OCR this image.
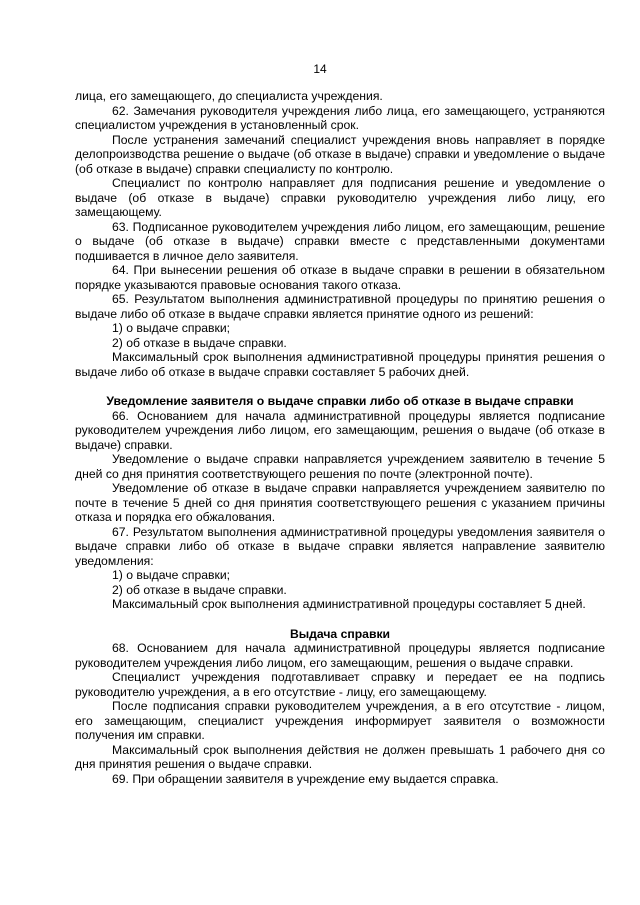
14

лица, его замещающего, до специалиста учреждения.

62. Замечания руководителя учреждения либо лица, его замещающего, устраняются специалистом учреждения в установленный срок.

После устранения замечаний специалист учреждения вновь направляет в порядке делопроизводства решение о выдаче (об отказе в выдаче) справки и уведомление о выдаче (об отказе в выдаче) справки специалисту по контролю.

Специалист по контролю направляет для подписания решение и уведомление о выдаче (об отказе в выдаче) справки руководителю учреждения либо лицу, его замещающему.

63. Подписанное руководителем учреждения либо лицом, его замещающим, решение о выдаче (об отказе в выдаче) справки вместе с представленными документами подшивается в личное дело заявителя.

64. При вынесении решения об отказе в выдаче справки в решении в обязательном порядке указываются правовые основания такого отказа.

65. Результатом выполнения административной процедуры по принятию решения о выдаче либо об отказе в выдаче справки является принятие одного из решений:

1) о выдаче справки;

2) об отказе в выдаче справки.

Максимальный срок выполнения административной процедуры принятия решения о выдаче либо об отказе в выдаче справки составляет 5 рабочих дней.

Уведомление заявителя о выдаче справки либо об отказе в выдаче справки

66. Основанием для начала административной процедуры является подписание руководителем учреждения либо лицом, его замещающим, решения о выдаче (об отказе в выдаче) справки.

Уведомление о выдаче справки направляется учреждением заявителю в течение 5 дней со дня принятия соответствующего решения по почте (электронной почте).

Уведомление об отказе в выдаче справки направляется учреждением заявителю по почте в течение 5 дней со дня принятия соответствующего решения с указанием причины отказа и порядка его обжалования.

67. Результатом выполнения административной процедуры уведомления заявителя о выдаче справки либо об отказе в выдаче справки является направление заявителю уведомления:

1) о выдаче справки;

2) об отказе в выдаче справки.

Максимальный срок выполнения административной процедуры составляет 5 дней.

Выдача справки

68. Основанием для начала административной процедуры является подписание руководителем учреждения либо лицом, его замещающим, решения о выдаче справки.

Специалист учреждения подготавливает справку и передает ее на подпись руководителю учреждения, а в его отсутствие - лицу, его замещающему.

После подписания справки руководителем учреждения, а в его отсутствие - лицом, его замещающим, специалист учреждения информирует заявителя о возможности получения им справки.

Максимальный срок выполнения действия не должен превышать 1 рабочего дня со дня принятия решения о выдаче справки.

69. При обращении заявителя в учреждение ему выдается справка.
